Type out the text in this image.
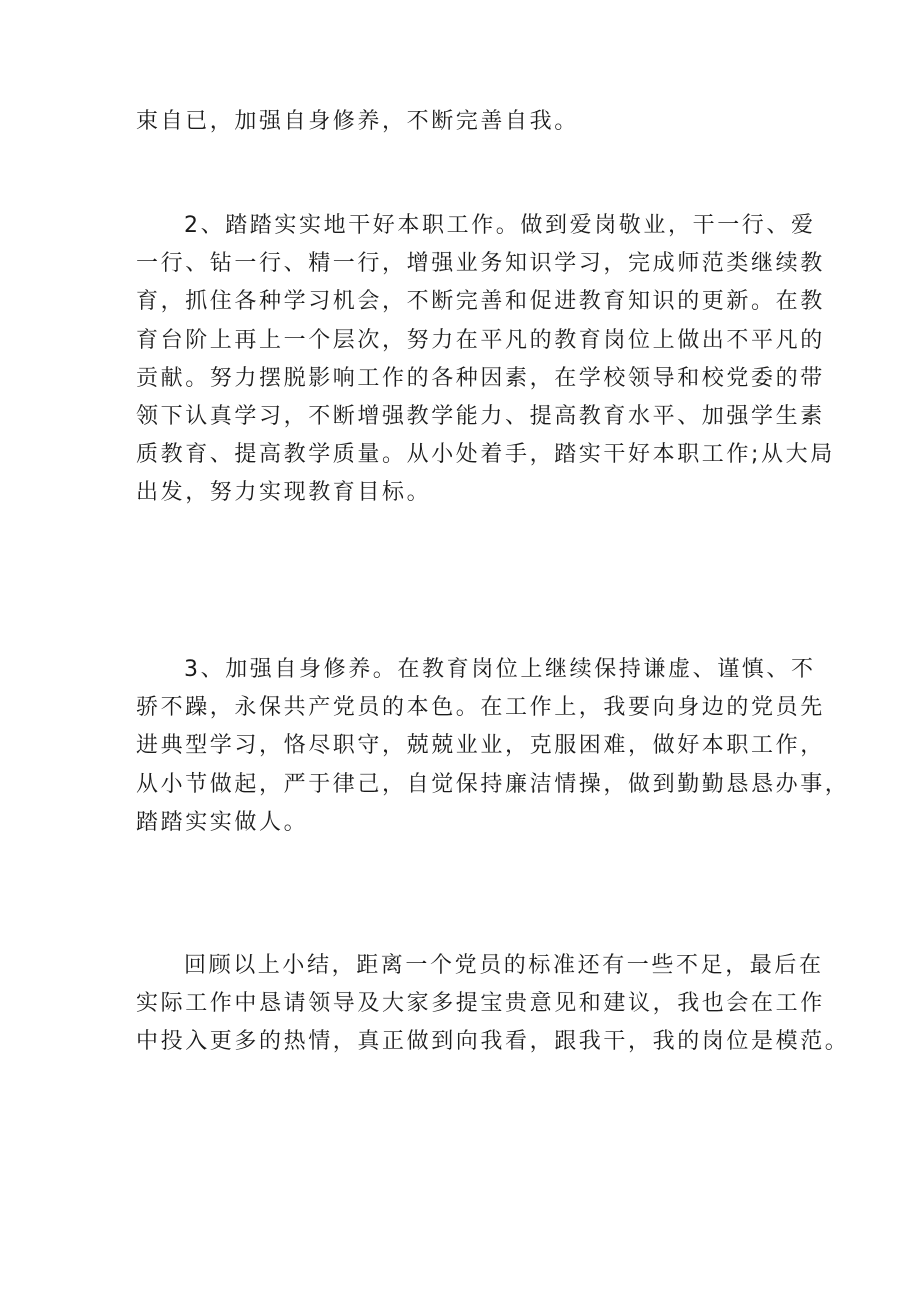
束自已，加强自身修养，不断完善自我。
2、踏踏实实地干好本职工作。做到爱岗敬业，干一行、爱
一行、钻一行、精一行，增强业务知识学习，完成师范类继续教
育，抓住各种学习机会，不断完善和促进教育知识的更新。在教
育台阶上再上一个层次，努力在平凡的教育岗位上做出不平凡的
贡献。努力摆脱影响工作的各种因素，在学校领导和校党委的带
领下认真学习，不断增强教学能力、提高教育水平、加强学生素
质教育、提高教学质量。从小处着手，踏实干好本职工作;从大局
出发，努力实现教育目标。
3、加强自身修养。在教育岗位上继续保持谦虚、谨慎、不
骄不躁，永保共产党员的本色。在工作上，我要向身边的党员先
进典型学习，恪尽职守，兢兢业业，克服困难，做好本职工作，
从小节做起，严于律己，自觉保持廉洁情操，做到勤勤恳恳办事，
踏踏实实做人。
回顾以上小结，距离一个党员的标准还有一些不足，最后在
实际工作中恳请领导及大家多提宝贵意见和建议，我也会在工作
中投入更多的热情，真正做到向我看，跟我干，我的岗位是模范。
